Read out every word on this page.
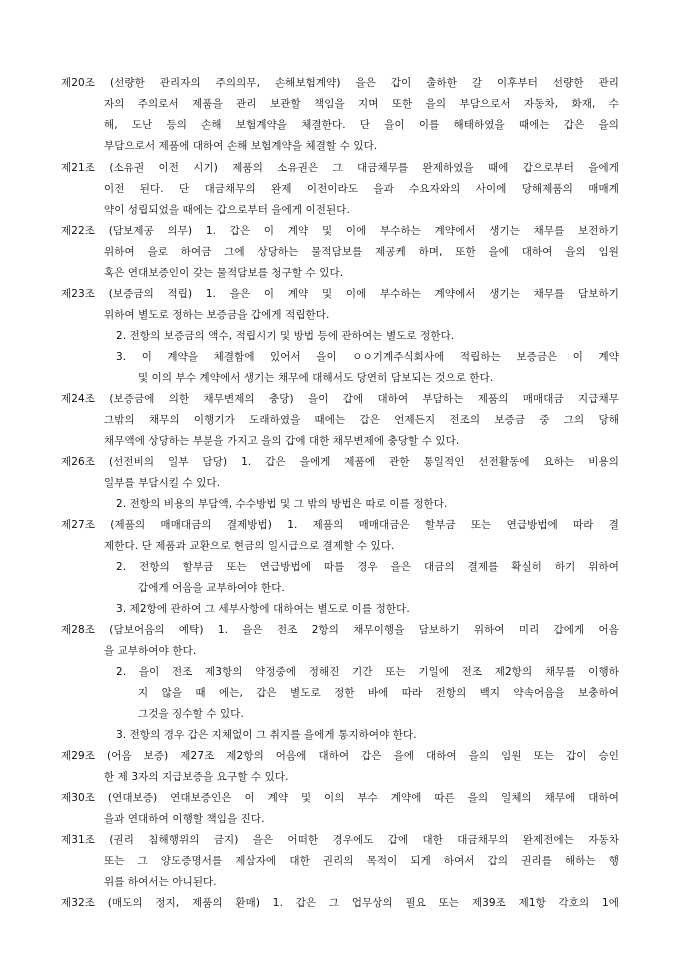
제20조 (선량한 관리자의 주의의무, 손해보험계약) 을은 갑이 출하한 갈 이후부터 선량한 관리
자의 주의로서 제품을 관리 보관할 책임을 지며 또한 을의 부담으로서 자동차, 화재, 수
해, 도난 등의 손해 보험계약을 체결한다. 단 을이 이를 해태하였을 때에는 갑은 을의
부담으로서 제품에 대하여 손해 보험계약을 체결할 수 있다.
제21조 (소유권 이전 시기) 제품의 소유권은 그 대금채무를 완제하였을 때에 갑으로부터 을에게
이전 된다. 단 대금채무의 완제 이전이라도 을과 수요자와의 사이에 당해제품의 매매계
약이 성립되었을 때에는 갑으로부터 을에게 이전된다.
제22조 (담보제공 의무) 1. 갑은 이 계약 및 이에 부수하는 계약에서 생기는 채무를 보전하기
위하여 을로 하여금 그에 상당하는 물적담보를 제공케 하며, 또한 을에 대하여 을의 임원
혹은 연대보증인이 갖는 물적담보를 청구할 수 있다.
제23조 (보증금의 적립) 1. 을은 이 계약 및 이에 부수하는 계약에서 생기는 채무를 담보하기
위하여 별도로 정하는 보증금을 갑에게 적립한다.
2. 전항의 보증금의 액수, 적립시기 및 방법 등에 관하여는 별도로 정한다.
3. 이 계약을 체결함에 있어서 을이 ㅇㅇ기계주식회사에 적립하는 보증금은 이 계약
및 이의 부수 계약에서 생기는 채무에 대해서도 당연히 담보되는 것으로 한다.
제24조 (보증금에 의한 채무변제의 충당) 을이 갑에 대하여 부담하는 제품의 매매대금 지급채무
그밖의 채무의 이행기가 도래하였을 때에는 갑은 언제든지 전조의 보증금 중 그의 당해
채무액에 상당하는 부분을 가지고 을의 갑에 대한 채무변제에 충당할 수 있다.
제26조 (선전비의 일부 담당) 1. 갑은 을에게 제품에 관한 통일적인 선전활동에 요하는 비용의
일부를 부담시킬 수 있다.
2. 전항의 비용의 부담액, 수수방법 및 그 밖의 방법은 따로 이를 정한다.
제27조 (제품의 매매대금의 결제방법) 1. 제품의 매매대금은 할부금 또는 연급방법에 따라 결
제한다. 단 제품과 교환으로 현금의 일시급으로 결제할 수 있다.
2. 전항의 할부금 또는 연급방법에 따를 경우 을은 대금의 결제를 확실히 하기 위하여
갑에게 어음을 교부하여야 한다.
3. 제2항에 관하여 그 세부사항에 대하여는 별도로 이를 정한다.
제28조 (담보어음의 예탁) 1. 을은 전조 2항의 채무이행을 담보하기 위하여 미리 갑에게 어음
을 교부하여야 한다.
2. 을이 전조 제3항의 약정중에 정해진 기간 또는 기일에 전조 제2항의 채무를 이행하
지 않을 때 에는, 갑은 별도로 정한 바에 따라 전항의 백지 약속어음을 보충하여
그것을 징수할 수 있다.
3. 전항의 경우 갑은 지체없이 그 취지를 을에게 통지하여야 한다.
제29조 (어음 보증) 제27조 제2항의 어음에 대하여 갑은 을에 대하여 을의 임원 또는 갑이 승인
한 제 3자의 지급보증을 요구할 수 있다.
제30조 (연대보증) 연대보증인은 이 계약 및 이의 부수 계약에 따른 을의 일체의 채무에 대하여
을과 연대하여 이행할 책임을 진다.
제31조 (권리 침해행위의 금지) 을은 어떠한 경우에도 갑에 대한 대금채무의 완제전에는 자동차
또는 그 양도증명서를 제삼자에 대한 권리의 목적이 되게 하여서 갑의 권리를 해하는 행
위를 하여서는 아니된다.
제32조 (매도의 정지, 제품의 환매) 1. 갑은 그 업무상의 필요 또는 제39조 제1항 각호의 1에
